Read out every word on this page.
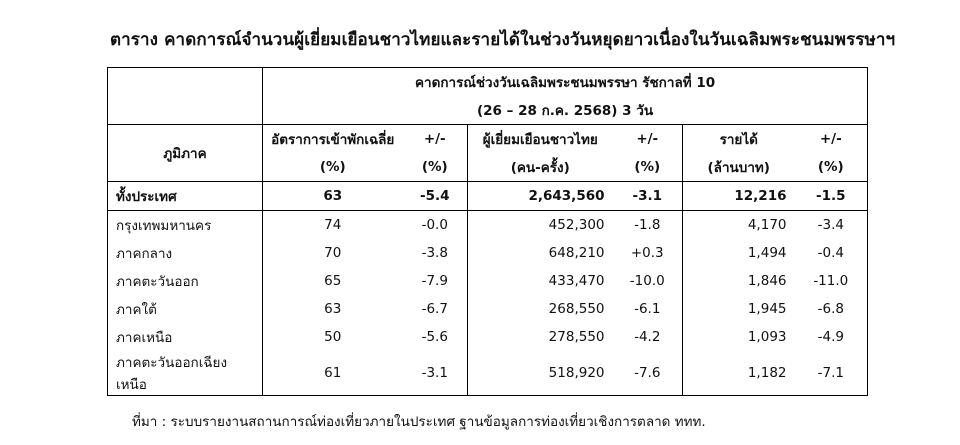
ตาราง คาดการณ์จำนวนผู้เยี่ยมเยือนชาวไทยและรายได้ในช่วงวันหยุดยาวเนื่องในวันเฉลิมพระชนมพรรษาฯ
	คาดการณ์ช่วงวันเฉลิมพระชนมพรรษา รัชกาลที่ 10					
	(26 – 28 ก.ค. 2568) 3 วัน					
ภูมิภาค	อัตราการเข้าพักเฉลี่ย	+/-	ผู้เยี่ยมเยือนชาวไทย	+/-	รายได้	+/-
	(%)	(%)	(คน-ครั้ง)	(%)	(ล้านบาท)	(%)
ทั้งประเทศ	63	-5.4	2,643,560	-3.1	12,216	-1.5
กรุงเทพมหานคร	74	-0.0	452,300	-1.8	4,170	-3.4
ภาคกลาง	70	-3.8	648,210	+0.3	1,494	-0.4
ภาคตะวันออก	65	-7.9	433,470	-10.0	1,846	-11.0
ภาคใต้	63	-6.7	268,550	-6.1	1,945	-6.8
ภาคเหนือ	50	-5.6	278,550	-4.2	1,093	-4.9
ภาคตะวันออกเฉียงเหนือ	61	-3.1	518,920	-7.6	1,182	-7.1
ที่มา : ระบบรายงานสถานการณ์ท่องเที่ยวภายในประเทศ ฐานข้อมูลการท่องเที่ยวเชิงการตลาด ททท.
